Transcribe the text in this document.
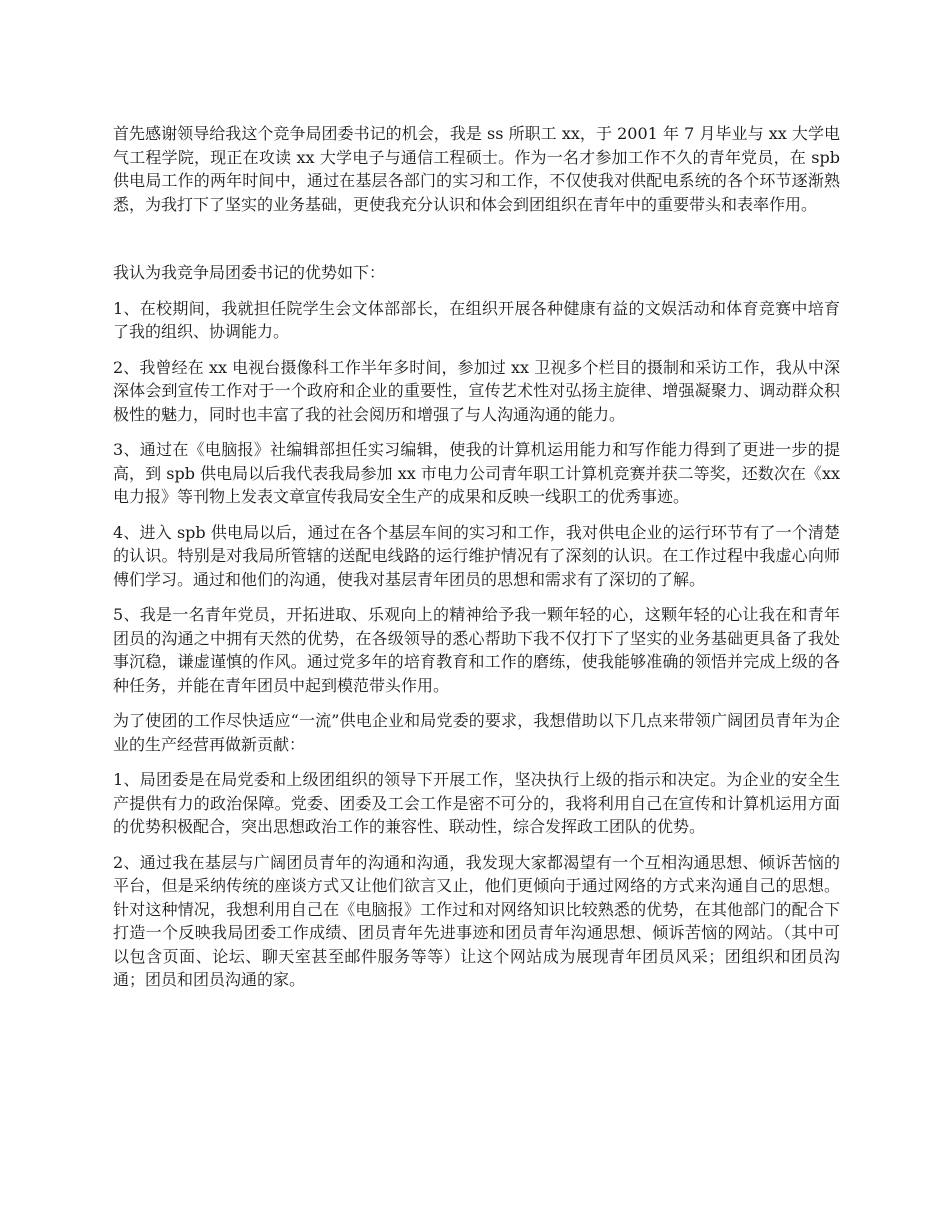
首先感谢领导给我这个竞争局团委书记的机会，我是 ss 所职工 xx，于 2001 年 7 月毕业与 xx 大学电气工程学院，现正在攻读 xx 大学电子与通信工程硕士。作为一名才参加工作不久的青年党员，在 spb 供电局工作的两年时间中，通过在基层各部门的实习和工作，不仅使我对供配电系统的各个环节逐渐熟悉，为我打下了坚实的业务基础，更使我充分认识和体会到团组织在青年中的重要带头和表率作用。

我认为我竞争局团委书记的优势如下：

1、在校期间，我就担任院学生会文体部部长，在组织开展各种健康有益的文娱活动和体育竞赛中培育了我的组织、协调能力。

2、我曾经在 xx 电视台摄像科工作半年多时间，参加过 xx 卫视多个栏目的摄制和采访工作，我从中深深体会到宣传工作对于一个政府和企业的重要性，宣传艺术性对弘扬主旋律、增强凝聚力、调动群众积极性的魅力，同时也丰富了我的社会阅历和增强了与人沟通沟通的能力。

3、通过在《电脑报》社编辑部担任实习编辑，使我的计算机运用能力和写作能力得到了更进一步的提高，到 spb 供电局以后我代表我局参加 xx 市电力公司青年职工计算机竞赛并获二等奖，还数次在《xx 电力报》等刊物上发表文章宣传我局安全生产的成果和反映一线职工的优秀事迹。

4、进入 spb 供电局以后，通过在各个基层车间的实习和工作，我对供电企业的运行环节有了一个清楚的认识。特别是对我局所管辖的送配电线路的运行维护情况有了深刻的认识。在工作过程中我虚心向师傅们学习。通过和他们的沟通，使我对基层青年团员的思想和需求有了深切的了解。

5、我是一名青年党员，开拓进取、乐观向上的精神给予我一颗年轻的心，这颗年轻的心让我在和青年团员的沟通之中拥有天然的优势，在各级领导的悉心帮助下我不仅打下了坚实的业务基础更具备了我处事沉稳，谦虚谨慎的作风。通过党多年的培育教育和工作的磨练，使我能够准确的领悟并完成上级的各种任务，并能在青年团员中起到模范带头作用。

为了使团的工作尽快适应“一流”供电企业和局党委的要求，我想借助以下几点来带领广阔团员青年为企业的生产经营再做新贡献：

1、局团委是在局党委和上级团组织的领导下开展工作，坚决执行上级的指示和决定。为企业的安全生产提供有力的政治保障。党委、团委及工会工作是密不可分的，我将利用自己在宣传和计算机运用方面的优势积极配合，突出思想政治工作的兼容性、联动性，综合发挥政工团队的优势。

2、通过我在基层与广阔团员青年的沟通和沟通，我发现大家都渴望有一个互相沟通思想、倾诉苦恼的平台，但是采纳传统的座谈方式又让他们欲言又止，他们更倾向于通过网络的方式来沟通自己的思想。针对这种情况，我想利用自己在《电脑报》工作过和对网络知识比较熟悉的优势，在其他部门的配合下打造一个反映我局团委工作成绩、团员青年先进事迹和团员青年沟通思想、倾诉苦恼的网站。（其中可以包含页面、论坛、聊天室甚至邮件服务等等）让这个网站成为展现青年团员风采；团组织和团员沟通；团员和团员沟通的家。
